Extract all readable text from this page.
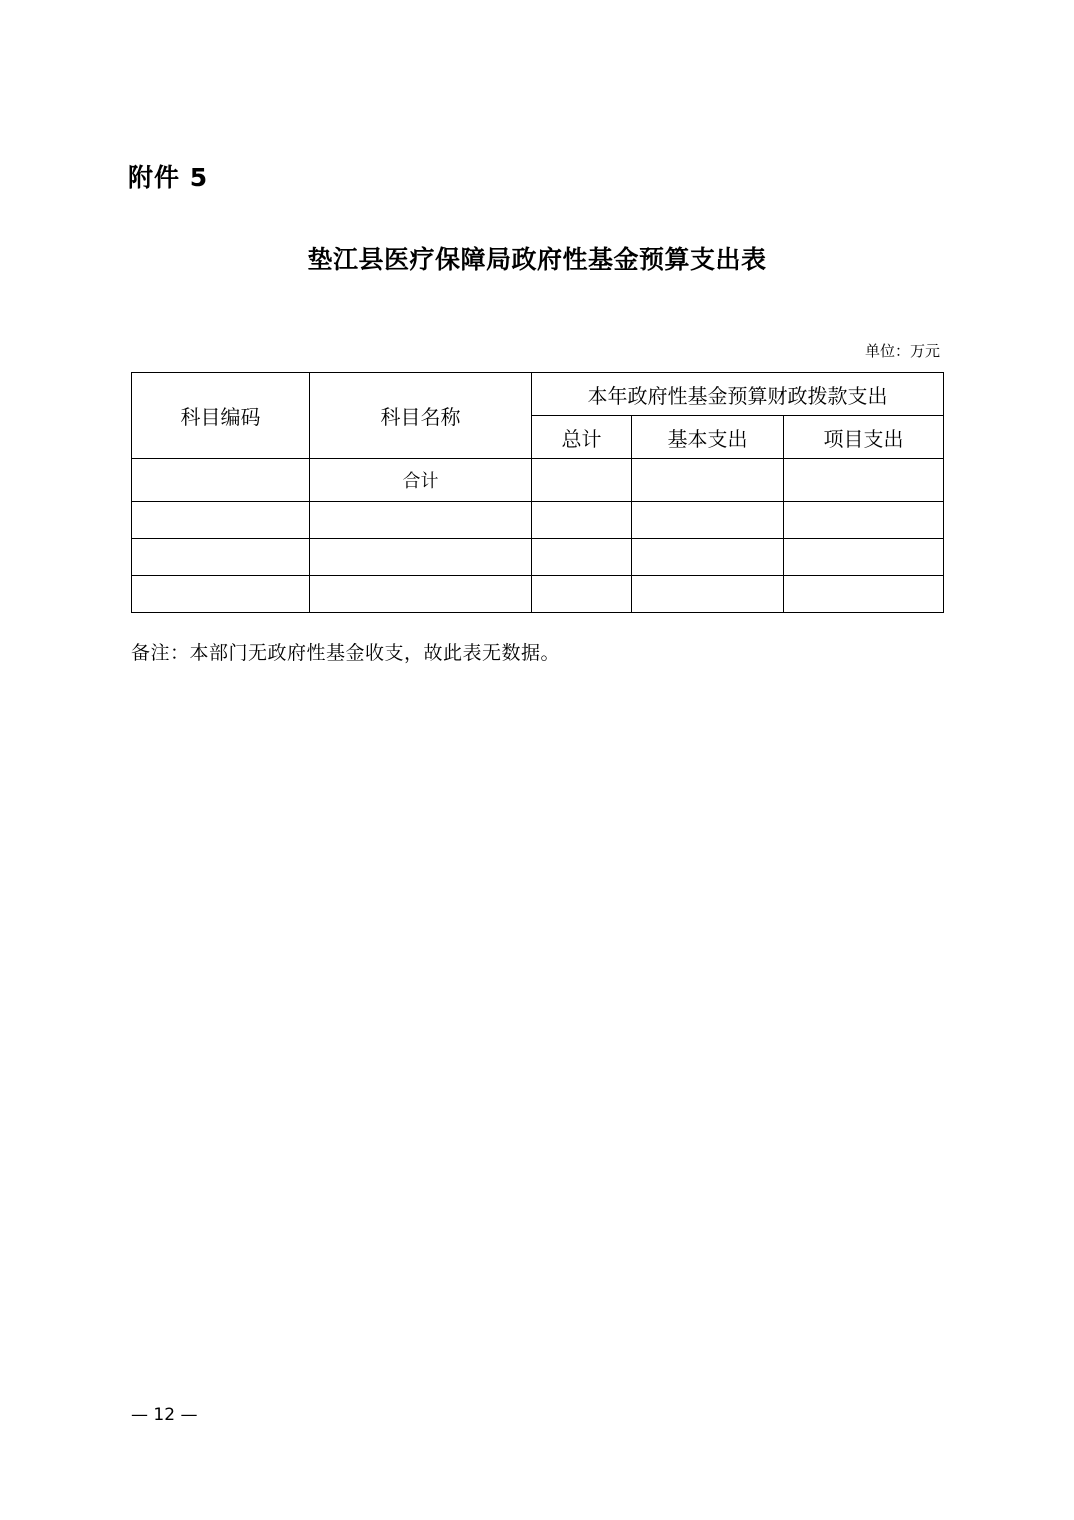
附件 5
垫江县医疗保障局政府性基金预算支出表
单位：万元
科目编码	科目名称	本年政府性基金预算财政拨款支出		
		总计	基本支出	项目支出
	合计			

备注：本部门无政府性基金收支，故此表无数据。
— 12 —
